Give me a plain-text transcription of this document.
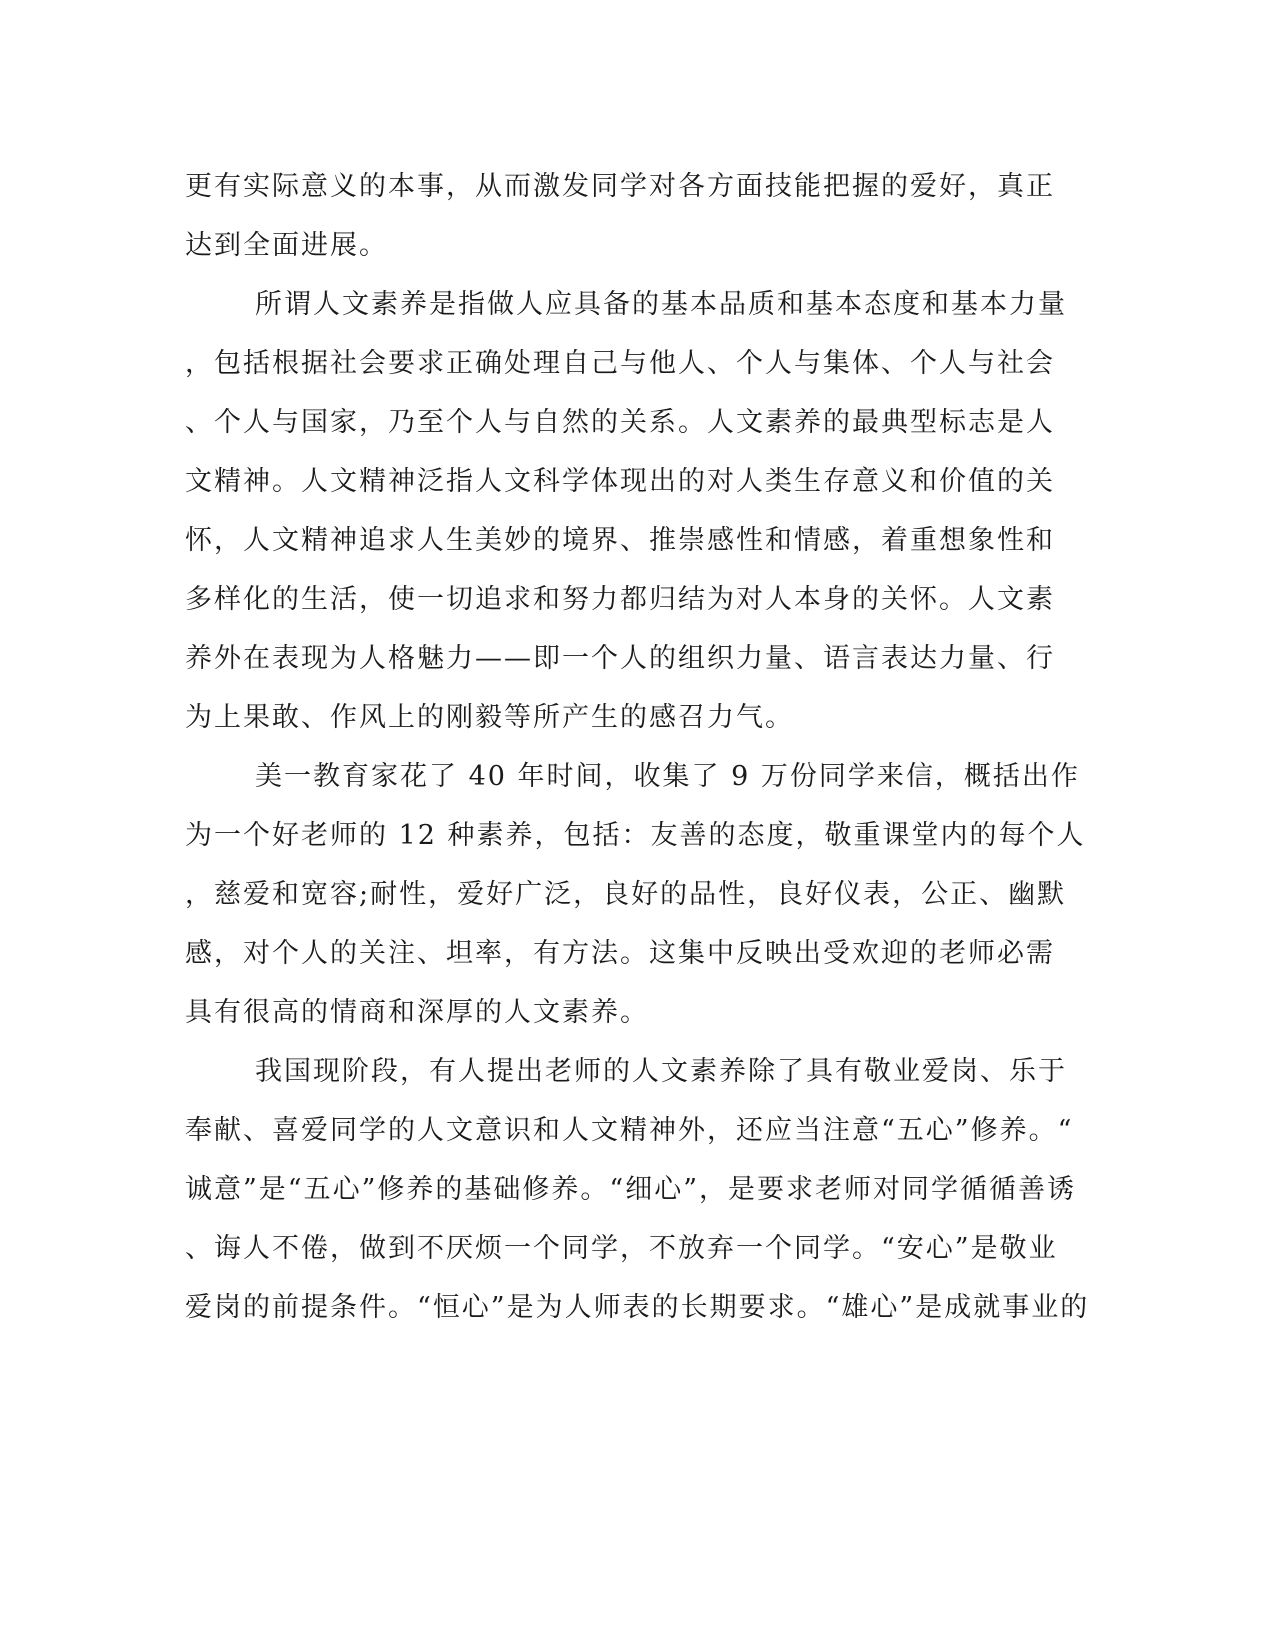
更有实际意义的本事，从而激发同学对各方面技能把握的爱好，真正
达到全面进展。
所谓人文素养是指做人应具备的基本品质和基本态度和基本力量
，包括根据社会要求正确处理自己与他人、个人与集体、个人与社会
、个人与国家，乃至个人与自然的关系。人文素养的最典型标志是人
文精神。人文精神泛指人文科学体现出的对人类生存意义和价值的关
怀，人文精神追求人生美妙的境界、推崇感性和情感，着重想象性和
多样化的生活，使一切追求和努力都归结为对人本身的关怀。人文素
养外在表现为人格魅力——即一个人的组织力量、语言表达力量、行
为上果敢、作风上的刚毅等所产生的感召力气。
美一教育家花了 40 年时间，收集了 9 万份同学来信，概括出作
为一个好老师的 12 种素养，包括：友善的态度，敬重课堂内的每个人
，慈爱和宽容;耐性，爱好广泛，良好的品性，良好仪表，公正、幽默
感，对个人的关注、坦率，有方法。这集中反映出受欢迎的老师必需
具有很高的情商和深厚的人文素养。
我国现阶段，有人提出老师的人文素养除了具有敬业爱岗、乐于
奉献、喜爱同学的人文意识和人文精神外，还应当注意“五心”修养。“
诚意”是“五心”修养的基础修养。“细心”，是要求老师对同学循循善诱
、诲人不倦，做到不厌烦一个同学，不放弃一个同学。“安心”是敬业
爱岗的前提条件。“恒心”是为人师表的长期要求。“雄心”是成就事业的
